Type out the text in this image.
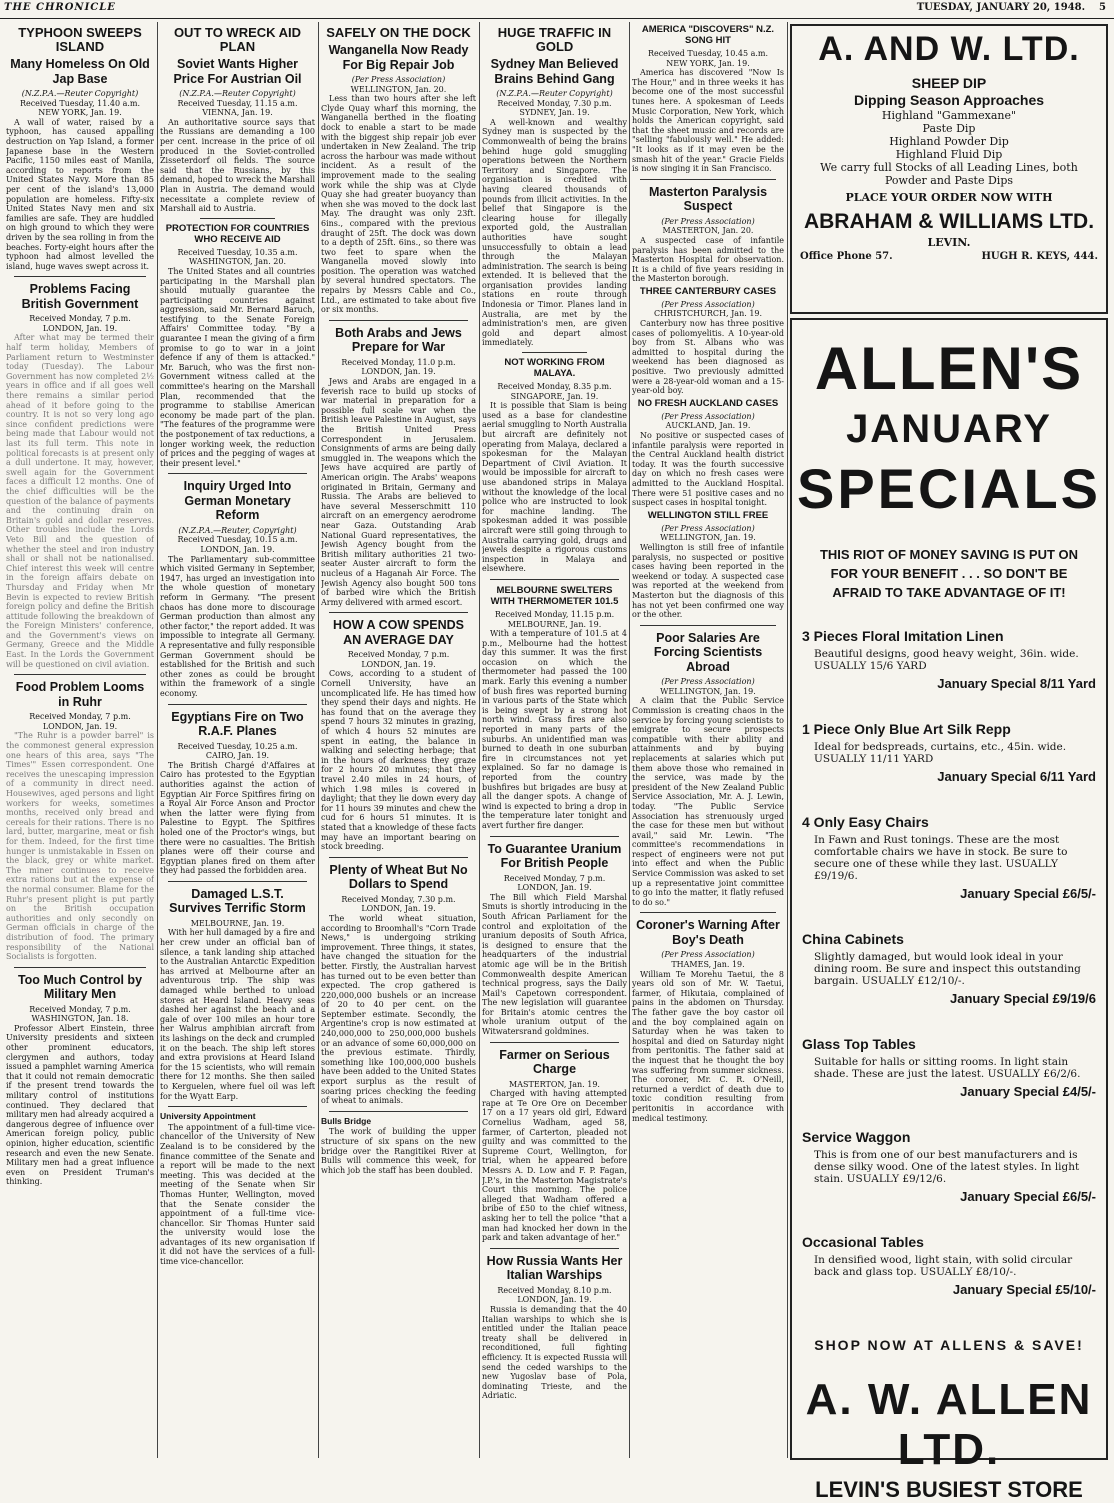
THE CHRONICLE	TUESDAY, JANUARY 20, 1948. 5
TYPHOON SWEEPS ISLAND
Many Homeless On Old Jap Base

(N.Z.P.A.—Reuter Copyright)

Received Tuesday, 11.40 a.m.

NEW YORK, Jan. 19.

A wall of water, raised by a typhoon, has caused appalling destruction on Yap Island, a former Japanese base in the Western Pacific, 1150 miles east of Manila, according to reports from the United States Navy. More than 85 per cent of the island's 13,000 population are homeless. Fifty-six United States Navy men and six families are safe. They are huddled on high ground to which they were driven by the sea rolling in from the beaches. Forty-eight hours after the typhoon had almost levelled the island, huge waves swept across it.

Problems Facing British Government

Received Monday, 7 p.m.

LONDON, Jan. 19.

After what may be termed their half term holiday, Members of Parliament return to Westminster today (Tuesday). The Labour Government has now completed 2½ years in office and if all goes well there remains a similar period ahead of it before going to the country. It is not so very long ago since confident predictions were being made that Labour would not last its full term. This note in political forecasts is at present only a dull undertone. It may, however, swell again for the Government faces a difficult 12 months. One of the chief difficulties will be the question of the balance of payments and the continuing drain on Britain's gold and dollar reserves. Other troubles include the Lords Veto Bill and the question of whether the steel and iron industry shall or shall not be nationalised. Chief interest this week will centre in the foreign affairs debate on Thursday and Friday when Mr Bevin is expected to review British foreign policy and define the British attitude following the breakdown of the Foreign Ministers' conference, and the Government's views on Germany, Greece and the Middle East. In the Lords the Government will be questioned on civil aviation.

Food Problem Looms in Ruhr

Received Monday, 7 p.m.

LONDON, Jan. 19.

"The Ruhr is a powder barrel" is the commonest general expression one hears of this area, says "The Times'" Essen correspondent. One receives the unescaping impression of a community in direct need. Housewives, aged persons and light workers for weeks, sometimes months, received only bread and cereals for their rations. There is no lard, butter, margarine, meat or fish for them. Indeed, for the first time hunger is unmistakable in Essen on the black, grey or white market. The miner continues to receive extra rations but at the expense of the normal consumer. Blame for the Ruhr's present plight is put partly on the British occupation authorities and only secondly on German officials in charge of the distribution of food. The primary responsibility of the National Socialists is forgotten.

Too Much Control by Military Men

Received Monday, 7 p.m.

WASHINGTON, Jan. 18.

Professor Albert Einstein, three University presidents and sixteen other prominent educators, clergymen and authors, today issued a pamphlet warning America that it could not remain democratic if the present trend towards the military control of institutions continued. They declared that military men had already acquired a dangerous degree of influence over American foreign policy, public opinion, higher education, scientific research and even the new Senate. Military men had a great influence even on President Truman's thinking.

OUT TO WRECK AID PLAN
Soviet Wants Higher Price For Austrian Oil

(N.Z.P.A.—Reuter Copyright)

Received Tuesday, 11.15 a.m.

VIENNA, Jan. 19.

An authoritative source says that the Russians are demanding a 100 per cent. increase in the price of oil produced in the Soviet-controlled Zisseterdorf oil fields. The source said that the Russians, by this demand, hoped to wreck the Marshall Plan in Austria. The demand would necessitate a complete review of Marshall aid to Austria.

PROTECTION FOR COUNTRIES WHO RECEIVE AID

Received Tuesday, 10.35 a.m.

WASHINGTON, Jan. 20.

The United States and all countries participating in the Marshall plan should mutually guarantee the participating countries against aggression, said Mr. Bernard Baruch, testifying to the Senate Foreign Affairs' Committee today. "By a guarantee I mean the giving of a firm promise to go to war in a joint defence if any of them is attacked." Mr. Baruch, who was the first non-Government witness called at the committee's hearing on the Marshall Plan, recommended that the programme to stabilise American economy be made part of the plan. "The features of the programme were the postponement of tax reductions, a longer working week, the reduction of prices and the pegging of wages at their present level."

Inquiry Urged Into German Monetary Reform

(N.Z.P.A.—Reuter, Copyright)

Received Tuesday, 10.15 a.m.

LONDON, Jan. 19.

The Parliamentary sub-committee which visited Germany in September, 1947, has urged an investigation into the whole question of monetary reform in Germany. "The present chaos has done more to discourage German production than almost any other factor," the report added. It was impossible to integrate all Germany. A representative and fully responsible German Government should be established for the British and such other zones as could be brought within the framework of a single economy.

Egyptians Fire on Two R.A.F. Planes

Received Tuesday, 10.25 a.m.

CAIRO, Jan. 19.

The British Chargé d'Affaires at Cairo has protested to the Egyptian authorities against the action of Egyptian Air Force Spitfires firing on a Royal Air Force Anson and Proctor when the latter were flying from Palestine to Egypt. The Spitfires holed one of the Proctor's wings, but there were no casualties. The British planes were off their course and Egyptian planes fired on them after they had passed the forbidden area.

Damaged L.S.T. Survives Terrific Storm

MELBOURNE, Jan. 19.

With her hull damaged by a fire and her crew under an official ban of silence, a tank landing ship attached to the Australian Antarctic Expedition has arrived at Melbourne after an adventurous trip. The ship was damaged while berthed to unload stores at Heard Island. Heavy seas dashed her against the beach and a gale of over 100 miles an hour tore her Walrus amphibian aircraft from its lashings on the deck and crumpled it on the beach. The ship left stores and extra provisions at Heard Island for the 15 scientists, who will remain there for 12 months. She then sailed to Kerguelen, where fuel oil was left for the Wyatt Earp.

University Appointment

The appointment of a full-time vice-chancellor of the University of New Zealand is to be considered by the finance committee of the Senate and a report will be made to the next meeting. This was decided at the meeting of the Senate when Sir Thomas Hunter, Wellington, moved that the Senate consider the appointment of a full-time vice-chancellor. Sir Thomas Hunter said the university would lose the advantages of its new organisation if it did not have the services of a full-time vice-chancellor.

SAFELY ON THE DOCK
Wanganella Now Ready For Big Repair Job

(Per Press Association)

WELLINGTON, Jan. 20.

Less than two hours after she left Clyde Quay wharf this morning, the Wanganella berthed in the floating dock to enable a start to be made with the biggest ship repair job ever undertaken in New Zealand. The trip across the harbour was made without incident. As a result of the improvement made to the sealing work while the ship was at Clyde Quay she had greater buoyancy than when she was moved to the dock last May. The draught was only 23ft. 6ins., compared with the previous draught of 25ft. The dock was down to a depth of 25ft. 6ins., so there was two feet to spare when the Wanganella moved slowly into position. The operation was watched by several hundred spectators. The repairs by Messrs Cable and Co., Ltd., are estimated to take about five or six months.

Both Arabs and Jews Prepare for War

Received Monday, 11.0 p.m.

LONDON, Jan. 19.

Jews and Arabs are engaged in a feverish race to build up stocks of war material in preparation for a possible full scale war when the British leave Palestine in August, says the British United Press Correspondent in Jerusalem. Consignments of arms are being daily smuggled in. The weapons which the Jews have acquired are partly of American origin. The Arabs' weapons originated in Britain, Germany and Russia. The Arabs are believed to have several Messerschmitt 110 aircraft on an emergency aerodrome near Gaza. Outstanding Arab National Guard representatives, the Jewish Agency bought from the British military authorities 21 two-seater Auster aircraft to form the nucleus of a Haganah Air Force. The Jewish Agency also bought 500 tons of barbed wire which the British Army delivered with armed escort.

HOW A COW SPENDS AN AVERAGE DAY

Received Monday, 7 p.m.

LONDON, Jan. 19.

Cows, according to a student of Cornell University, have an uncomplicated life. He has timed how they spend their days and nights. He has found that on the average they spend 7 hours 32 minutes in grazing, of which 4 hours 52 minutes are spent in eating, the balance in walking and selecting herbage; that in the hours of darkness they graze for 2 hours 20 minutes; that they travel 2.40 miles in 24 hours, of which 1.98 miles is covered in daylight; that they lie down every day for 11 hours 39 minutes and chew the cud for 6 hours 51 minutes. It is stated that a knowledge of these facts may have an important bearing on stock breeding.

Plenty of Wheat But No Dollars to Spend

Received Monday, 7.30 p.m.

LONDON, Jan. 19.

The world wheat situation, according to Broomhall's "Corn Trade News," is undergoing striking improvement. Three things, it states, have changed the situation for the better. Firstly, the Australian harvest has turned out to be even better than expected. The crop gathered is 220,000,000 bushels or an increase of 20 to 40 per cent. on the September estimate. Secondly, the Argentine's crop is now estimated at 240,000,000 to 250,000,000 bushels or an advance of some 60,000,000 on the previous estimate. Thirdly, something like 100,000,000 bushels have been added to the United States export surplus as the result of soaring prices checking the feeding of wheat to animals.

Bulls Bridge

The work of building the upper structure of six spans on the new bridge over the Rangitikei River at Bulls will commence this week, for which job the staff has been doubled.

HUGE TRAFFIC IN GOLD
Sydney Man Believed Brains Behind Gang

(N.Z.P.A.—Reuter Copyright)

Received Monday, 7.30 p.m.

SYDNEY, Jan. 19.

A well-known and wealthy Sydney man is suspected by the Commonwealth of being the brains behind huge gold smuggling operations between the Northern Territory and Singapore. The organisation is credited with having cleared thousands of pounds from illicit activities. In the belief that Singapore is the clearing house for illegally exported gold, the Australian authorities have sought unsuccessfully to obtain a lead through the Malayan administration. The search is being extended. It is believed that the organisation provides landing stations en route through Indonesia or Timor. Planes land in Australia, are met by the administration's men, are given gold and depart almost immediately.

NOT WORKING FROM MALAYA.

Received Monday, 8.35 p.m.

SINGAPORE, Jan. 19.

It is possible that Siam is being used as a base for clandestine aerial smuggling to North Australia but aircraft are definitely not operating from Malaya, declared a spokesman for the Malayan Department of Civil Aviation. It would be impossible for aircraft to use abandoned strips in Malaya without the knowledge of the local police who are instructed to look for machine landing. The spokesman added it was possible aircraft were still going through to Australia carrying gold, drugs and jewels despite a rigorous customs inspection in Malaya and elsewhere.

MELBOURNE SWELTERS WITH THERMOMETER 101.5

Received Monday, 11.15 p.m.

MELBOURNE, Jan. 19.

With a temperature of 101.5 at 4 p.m., Melbourne had the hottest day this summer. It was the first occasion on which the thermometer had passed the 100 mark. Early this evening a number of bush fires was reported burning in various parts of the State which is being swept by a strong hot north wind. Grass fires are also reported in many parts of the suburbs. An unidentified man was burned to death in one suburban fire in circumstances not yet explained. So far no damage is reported from the country bushfires but brigades are busy at all the danger spots. A change of wind is expected to bring a drop in the temperature later tonight and avert further fire danger.

To Guarantee Uranium For British People

Received Monday, 7 p.m.

LONDON, Jan. 19.

The Bill which Field Marshal Smuts is shortly introducing in the South African Parliament for the control and exploitation of the uranium deposits of South Africa, is designed to ensure that the headquarters of the industrial atomic age will be in the British Commonwealth despite American technical progress, says the Daily Mail's Capetown correspondent. The new legislation will guarantee for Britain's atomic centres the whole uranium output of the Witwatersrand goldmines.

Farmer on Serious Charge

MASTERTON, Jan. 19.

Charged with having attempted rape at Te Ore Ore on December 17 on a 17 years old girl, Edward Cornelius Wadham, aged 58, farmer, of Carterton, pleaded not guilty and was committed to the Supreme Court, Wellington, for trial, when he appeared before Messrs A. D. Low and F. P. Fagan, J.P.'s, in the Masterton Magistrate's Court this morning. The police alleged that Wadham offered a bribe of £50 to the chief witness, asking her to tell the police "that a man had knocked her down in the park and taken advantage of her."

How Russia Wants Her Italian Warships

Received Monday, 8.10 p.m.

LONDON, Jan. 19.

Russia is demanding that the 40 Italian warships to which she is entitled under the Italian peace treaty shall be delivered in reconditioned, full fighting efficiency. It is expected Russia will send the ceded warships to the new Yugoslav base of Pola, dominating Trieste, and the Adriatic.

AMERICA "DISCOVERS" N.Z. SONG HIT

Received Tuesday, 10.45 a.m.

NEW YORK, Jan. 19.

America has discovered "Now Is The Hour," and in three weeks it has become one of the most successful tunes here. A spokesman of Leeds Music Corporation, New York, which holds the American copyright, said that the sheet music and records are "selling "fabulously well." He added: "It looks as if it may even be the smash hit of the year." Gracie Fields is now singing it in San Francisco.

Masterton Paralysis Suspect

(Per Press Association)

MASTERTON, Jan. 20.

A suspected case of infantile paralysis has been admitted to the Masterton Hospital for observation. It is a child of five years residing in the Masterton borough.

THREE CANTERBURY CASES

(Per Press Association)

CHRISTCHURCH, Jan. 19.

Canterbury now has three positive cases of poliomyelitis. A 10-year-old boy from St. Albans who was admitted to hospital during the weekend has been diagnosed as positive. Two previously admitted were a 28-year-old woman and a 15-year-old boy.

NO FRESH AUCKLAND CASES

(Per Press Association)

AUCKLAND, Jan. 19.

No positive or suspected cases of infantile paralysis were reported in the Central Auckland health district today. It was the fourth successive day on which no fresh cases were admitted to the Auckland Hospital. There were 51 positive cases and no suspect cases in hospital tonight.

WELLINGTON STILL FREE

(Per Press Association)

WELLINGTON, Jan. 19.

Wellington is still free of infantile paralysis, no suspected or positive cases having been reported in the weekend or today. A suspected case was reported at the weekend from Masterton but the diagnosis of this has not yet been confirmed one way or the other.

Poor Salaries Are Forcing Scientists Abroad

(Per Press Association)

WELLINGTON, Jan. 19.

A claim that the Public Service Commission is creating chaos in the service by forcing young scientists to emigrate to secure prospects compatible with their ability and attainments and by buying replacements at salaries which put them above those who remained in the service, was made by the president of the New Zealand Public Service Association, Mr. A. J. Lewin, today. "The Public Service Association has strenuously urged the case for these men but without avail," said Mr. Lewin. "The committee's recommendations in respect of engineers were not put into effect and when the Public Service Commission was asked to set up a representative joint committee to go into the matter, it flatly refused to do so."

Coroner's Warning After Boy's Death

(Per Press Association)

THAMES, Jan. 19.

William Te Morehu Taetui, the 8 years old son of Mr. W. Taetui, farmer, of Hikutaia, complained of pains in the abdomen on Thursday. The father gave the boy castor oil and the boy complained again on Saturday when he was taken to hospital and died on Saturday night from peritonitis. The father said at the inquest that he thought the boy was suffering from summer sickness. The coroner, Mr. C. R. O'Neill, returned a verdict of death due to toxic condition resulting from peritonitis in accordance with medical testimony.

A. AND W. LTD.
SHEEP DIP
Dipping Season Approaches

Highland "Gammexane"

Paste Dip

Highland Powder Dip

Highland Fluid Dip

We carry full Stocks of all Leading Lines, both

Powder and Paste Dips

PLACE YOUR ORDER NOW WITH

ABRAHAM & WILLIAMS LTD.

LEVIN.

Office Phone 57.	HUGH R. KEYS, 444.
ALLEN'S
JANUARY
SPECIALS
THIS RIOT OF MONEY SAVING IS PUT ON FOR YOUR BENEFIT . . . SO DON'T BE AFRAID TO TAKE ADVANTAGE OF IT!
3 Pieces Floral Imitation Linen
Beautiful designs, good heavy weight, 36in. wide. USUALLY 15/6 YARD
January Special 8/11 Yard
1 Piece Only Blue Art Silk Repp
Ideal for bedspreads, curtains, etc., 45in. wide. USUALLY 11/11 YARD
January Special 6/11 Yard
4 Only Easy Chairs
In Fawn and Rust tonings. These are the most comfortable chairs we have in stock. Be sure to secure one of these while they last. USUALLY £9/19/6.
January Special £6/5/-
China Cabinets
Slightly damaged, but would look ideal in your dining room. Be sure and inspect this outstanding bargain. USUALLY £12/10/-.
January Special £9/19/6
Glass Top Tables
Suitable for halls or sitting rooms. In light stain shade. These are just the latest. USUALLY £6/2/6.
January Special £4/5/-
Service Waggon
This is from one of our best manufacturers and is dense silky wood. One of the latest styles. In light stain. USUALLY £9/12/6.
January Special £6/5/-
Occasional Tables
In densified wood, light stain, with solid circular back and glass top. USUALLY £8/10/-.
January Special £5/10/-
SHOP NOW AT ALLENS & SAVE!
A. W. ALLEN LTD.
LEVIN'S BUSIEST STORE
